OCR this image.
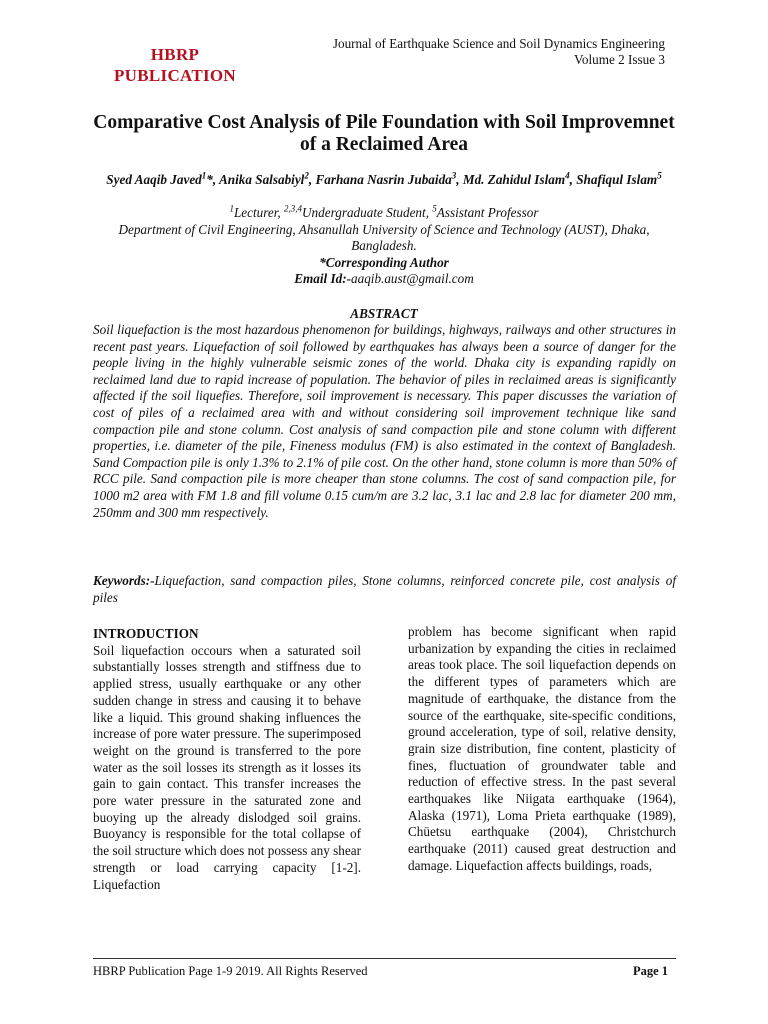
HBRP
PUBLICATION
Journal of Earthquake Science and Soil Dynamics Engineering
Volume 2 Issue 3
Comparative Cost Analysis of Pile Foundation with Soil Improvemnet of a Reclaimed Area
Syed Aaqib Javed$^1$*, Anika Salsabiyl$^2$, Farhana Nasrin Jubaida$^3$, Md. Zahidul Islam$^4$, Shafiqul Islam$^5$
$^1$Lecturer, $^{2,3,4}$Undergraduate Student, $^5$Assistant Professor
Department of Civil Engineering, Ahsanullah University of Science and Technology (AUST), Dhaka, Bangladesh.
*Corresponding Author
Email Id:-aaqib.aust@gmail.com
ABSTRACT

Soil liquefaction is the most hazardous phenomenon for buildings, highways, railways and other structures in recent past years. Liquefaction of soil followed by earthquakes has always been a source of danger for the people living in the highly vulnerable seismic zones of the world. Dhaka city is expanding rapidly on reclaimed land due to rapid increase of population. The behavior of piles in reclaimed areas is significantly affected if the soil liquefies. Therefore, soil improvement is necessary. This paper discusses the variation of cost of piles of a reclaimed area with and without considering soil improvement technique like sand compaction pile and stone column. Cost analysis of sand compaction pile and stone column with different properties, i.e. diameter of the pile, Fineness modulus (FM) is also estimated in the context of Bangladesh. Sand Compaction pile is only 1.3% to 2.1% of pile cost. On the other hand, stone column is more than 50% of RCC pile. Sand compaction pile is more cheaper than stone columns. The cost of sand compaction pile, for 1000 m2 area with FM 1.8 and fill volume 0.15 cum/m are 3.2 lac, 3.1 lac and 2.8 lac for diameter 200 mm, 250mm and 300 mm respectively.

Keywords:-Liquefaction, sand compaction piles, Stone columns, reinforced concrete pile, cost analysis of piles

INTRODUCTION
Soil liquefaction occours when a saturated soil substantially losses strength and stiffness due to applied stress, usually earthquake or any other sudden change in stress and causing it to behave like a liquid. This ground shaking influences the increase of pore water pressure. The superimposed weight on the ground is transferred to the pore water as the soil losses its strength as it losses its gain to gain contact. This transfer increases the pore water pressure in the saturated zone and buoying up the already dislodged soil grains. Buoyancy is responsible for the total collapse of the soil structure which does not possess any shear strength or load carrying capacity [1-2]. Liquefaction
problem has become significant when rapid urbanization by expanding the cities in reclaimed areas took place. The soil liquefaction depends on the different types of parameters which are magnitude of earthquake, the distance from the source of the earthquake, site-specific conditions, ground acceleration, type of soil, relative density, grain size distribution, fine content, plasticity of fines, fluctuation of groundwater table and reduction of effective stress. In the past several earthquakes like Niigata earthquake (1964), Alaska (1971), Loma Prieta earthquake (1989), Chūetsu earthquake (2004), Christchurch earthquake (2011) caused great destruction and damage. Liquefaction affects buildings, roads,
HBRP Publication Page 1-9 2019. All Rights Reserved	Page 1
